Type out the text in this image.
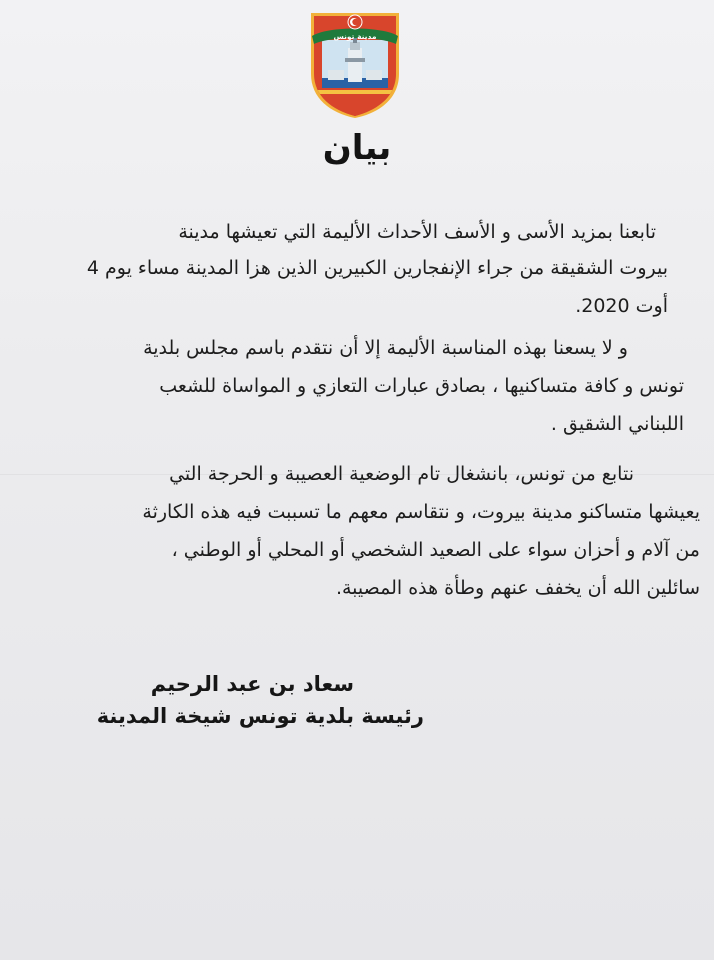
مدينة تونس
بيان
تابعنا بمزيد الأسى و الأسف الأحداث الأليمة التي تعيشها مدينة
بيروت الشقيقة من جراء الإنفجارين الكبيرين الذين هزا المدينة مساء يوم 4
أوت 2020.
و لا يسعنا بهذه المناسبة الأليمة إلا أن نتقدم باسم مجلس بلدية
تونس و كافة متساكنيها ، بصادق عبارات التعازي و المواساة للشعب
اللبناني الشقيق .
نتابع من تونس، بانشغال تام الوضعية العصيبة و الحرجة التي
يعيشها متساكنو مدينة بيروت، و نتقاسم معهم ما تسببت فيه هذه الكارثة
من آلام و أحزان سواء على الصعيد الشخصي أو المحلي أو الوطني ،
سائلين الله أن يخفف عنهم وطأة هذه المصيبة.
سعاد بن عبد الرحيم
رئيسة بلدية تونس شيخة المدينة
